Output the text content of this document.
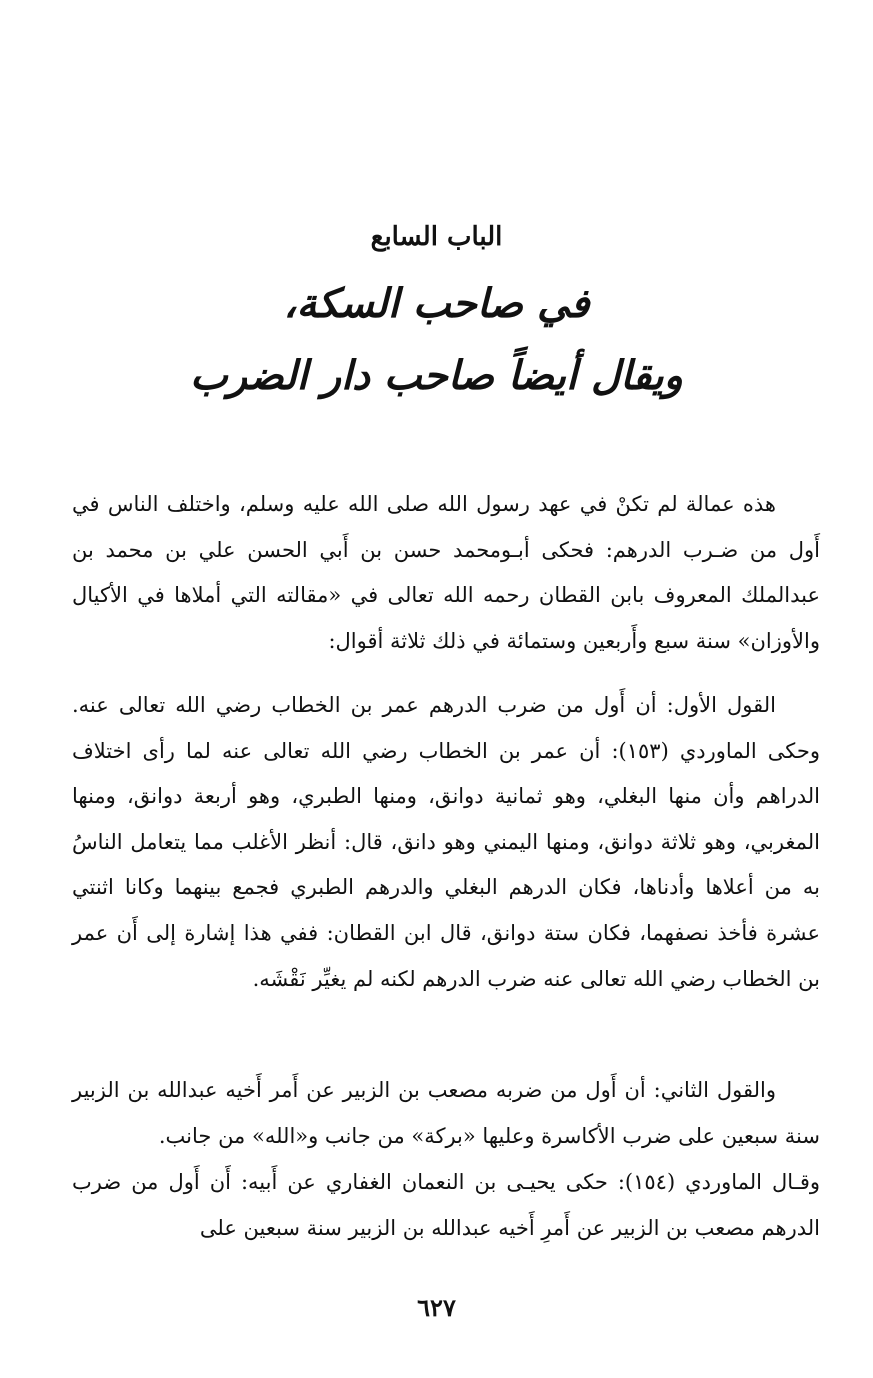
الباب السابع
في صاحب السكة،
ويقال أيضاً صاحب دار الضرب

هذه عمالة لم تكنْ في عهد رسول الله صلى الله عليه وسلم، واختلف الناس في أَول من ضـرب الدرهم: فحكى أبـومحمد حسن بن أَبي الحسن علي بن محمد بن عبدالملك المعروف بابن القطان رحمه الله تعالى في «مقالته التي أملاها في الأكيال والأوزان» سنة سبع وأَربعين وستمائة في ذلك ثلاثة أقوال:

القول الأول: أن أَول من ضرب الدرهم عمر بن الخطاب رضي الله تعالى عنه. وحكى الماوردي (١٥٣): أن عمر بن الخطاب رضي الله تعالى عنه لما رأى اختلاف الدراهم وأن منها البغلي، وهو ثمانية دوانق، ومنها الطبري، وهو أربعة دوانق، ومنها المغربي، وهو ثلاثة دوانق، ومنها اليمني وهو دانق، قال: أنظر الأغلب مما يتعامل الناسُ به من أعلاها وأدناها، فكان الدرهم البغلي والدرهم الطبري فجمع بينهما وكانا اثنتي عشرة فأخذ نصفهما، فكان ستة دوانق، قال ابن القطان: ففي هذا إشارة إلى أَن عمر بن الخطاب رضي الله تعالى عنه ضرب الدرهم لكنه لم يغيِّر نَقْشَه.

والقول الثاني: أن أَول من ضربه مصعب بن الزبير عن أَمر أَخيه عبدالله بن الزبير سنة سبعين على ضرب الأكاسرة وعليها «بركة» من جانب و«الله» من جانب.

وقـال الماوردي (١٥٤): حكى يحيـى بن النعمان الغفاري عن أَبيه: أَن أَول من ضرب الدرهم مصعب بن الزبير عن أَمرِ أَخيه عبدالله بن الزبير سنة سبعين على

٦٢٧
